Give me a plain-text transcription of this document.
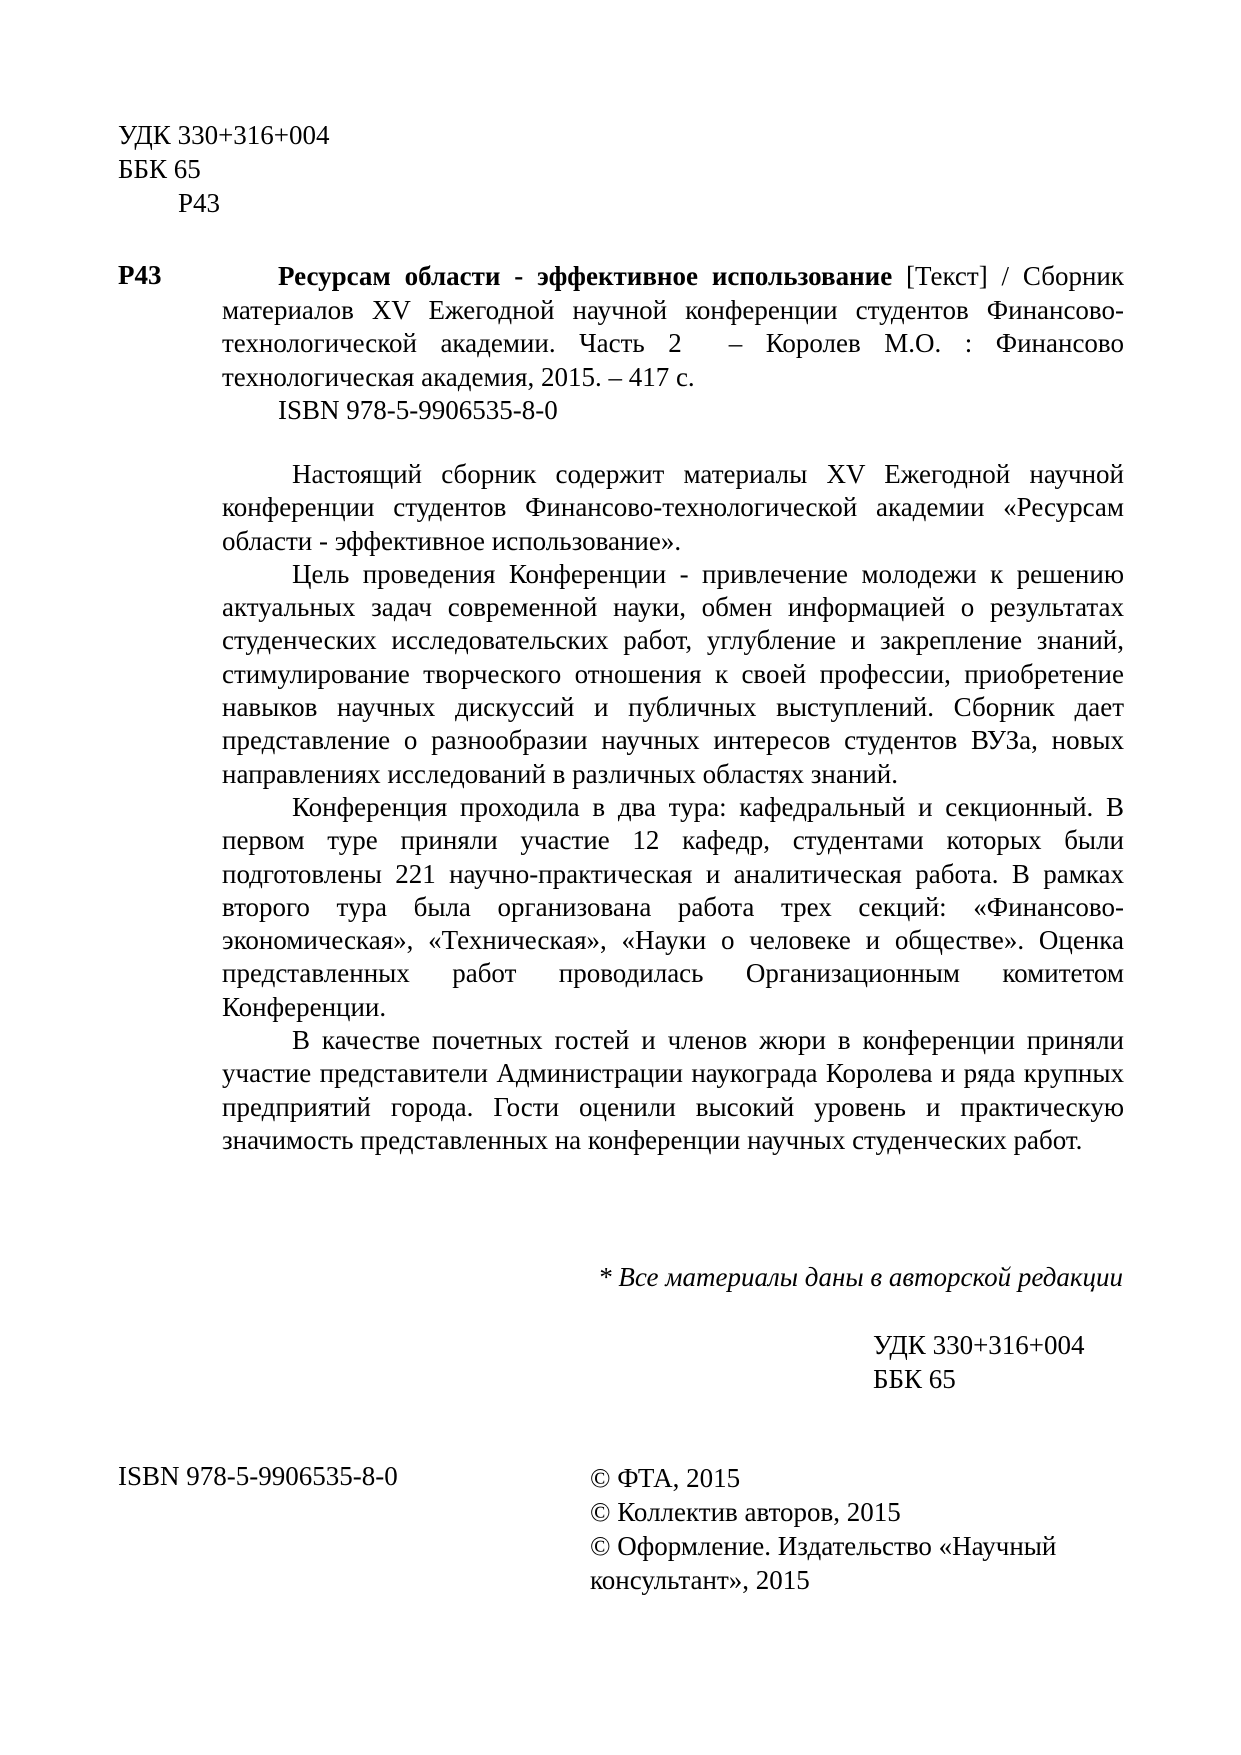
УДК 330+316+004
ББК 65
Р43
Р43	Ресурсам области - эффективное использование [Текст] / Сборник материалов XV Ежегодной научной конференции студентов Финансово-технологической академии. Часть 2  – Королев М.О. : Финансово технологическая академия, 2015. – 417 с.
ISBN 978-5-9906535-8-0

Настоящий сборник содержит материалы XV Ежегодной научной конференции студентов Финансово-технологической академии «Ресурсам области - эффективное использование».

Цель проведения Конференции - привлечение молодежи к решению актуальных задач современной науки, обмен информацией о результатах студенческих исследовательских работ, углубление и закрепление знаний, стимулирование творческого отношения к своей профессии, приобретение навыков научных дискуссий и публичных выступлений. Сборник дает представление о разнообразии научных интересов студентов ВУЗа, новых направлениях исследований в различных областях знаний.

Конференция проходила в два тура: кафедральный и секционный. В первом туре приняли участие 12 кафедр, студентами которых были подготовлены 221 научно-практическая и аналитическая работа. В рамках второго тура была организована работа трех секций: «Финансово-экономическая», «Техническая», «Науки о человеке и обществе». Оценка представленных работ проводилась Организационным комитетом Конференции.

В качестве почетных гостей и членов жюри в конференции приняли участие представители Администрации наукограда Королева и ряда крупных предприятий города. Гости оценили высокий уровень и практическую значимость представленных на конференции научных студенческих работ.

* Все материалы даны в авторской редакции
УДК 330+316+004
ББК 65
ISBN 978-5-9906535-8-0	© ФТА, 2015
© Коллектив авторов, 2015
© Оформление. Издательство «Научный консультант», 2015
